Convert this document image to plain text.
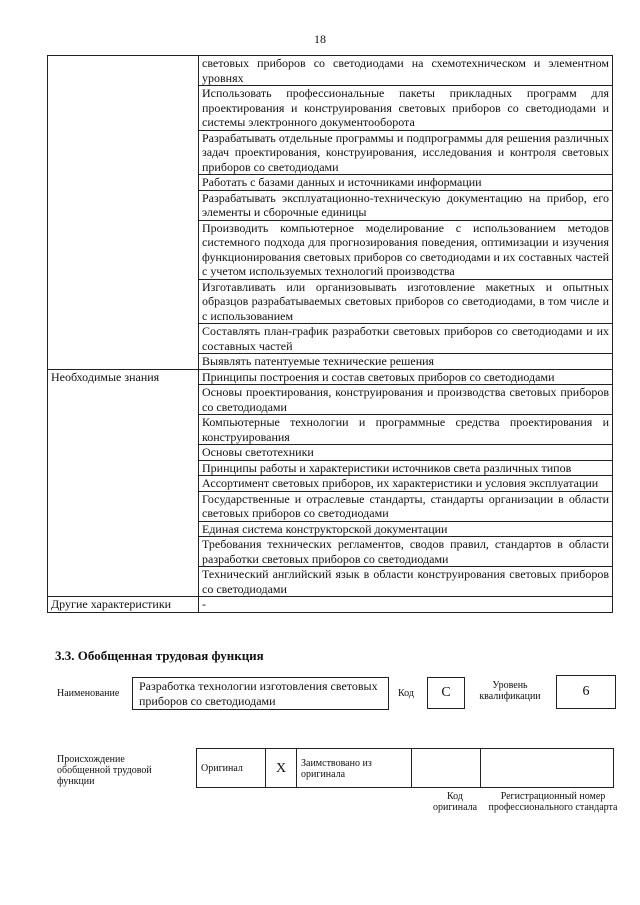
18
	световых приборов со светодиодами на схемотехническом и элементном уровнях
	Использовать профессиональные пакеты прикладных программ для проектирования и конструирования световых приборов со светодиодами и системы электронного документооборота
	Разрабатывать отдельные программы и подпрограммы для решения различных задач проектирования, конструирования, исследования и контроля световых приборов со светодиодами
	Работать с базами данных и источниками информации
	Разрабатывать эксплуатационно-техническую документацию на прибор, его элементы и сборочные единицы
	Производить компьютерное моделирование с использованием методов системного подхода для прогнозирования поведения, оптимизации и изучения функционирования световых приборов со светодиодами и их составных частей с учетом используемых технологий производства
	Изготавливать или организовывать изготовление макетных и опытных образцов разрабатываемых световых приборов со светодиодами, в том числе и с использованием
	Составлять план-график разработки световых приборов со светодиодами и их составных частей
	Выявлять патентуемые технические решения
Необходимые знания	Принципы построения и состав световых приборов со светодиодами
	Основы проектирования, конструирования и производства световых приборов со светодиодами
	Компьютерные технологии и программные средства проектирования и конструирования
	Основы светотехники
	Принципы работы и характеристики источников света различных типов
	Ассортимент световых приборов, их характеристики и условия эксплуатации
	Государственные и отраслевые стандарты, стандарты организации в области световых приборов со светодиодами
	Единая система конструкторской документации
	Требования технических регламентов, сводов правил, стандартов в области разработки световых приборов со светодиодами
	Технический английский язык в области конструирования световых приборов со светодиодами
Другие характеристики	-
3.3. Обобщенная трудовая функция
Наименование
Разработка технологии изготовления световых приборов со светодиодами
Код	C	Уровень квалификации	6
Происхождение обобщенной трудовой функции
Оригинал	X	Заимствовано из оригинала		
Код оригинала
Регистрационный номер профессионального стандарта
